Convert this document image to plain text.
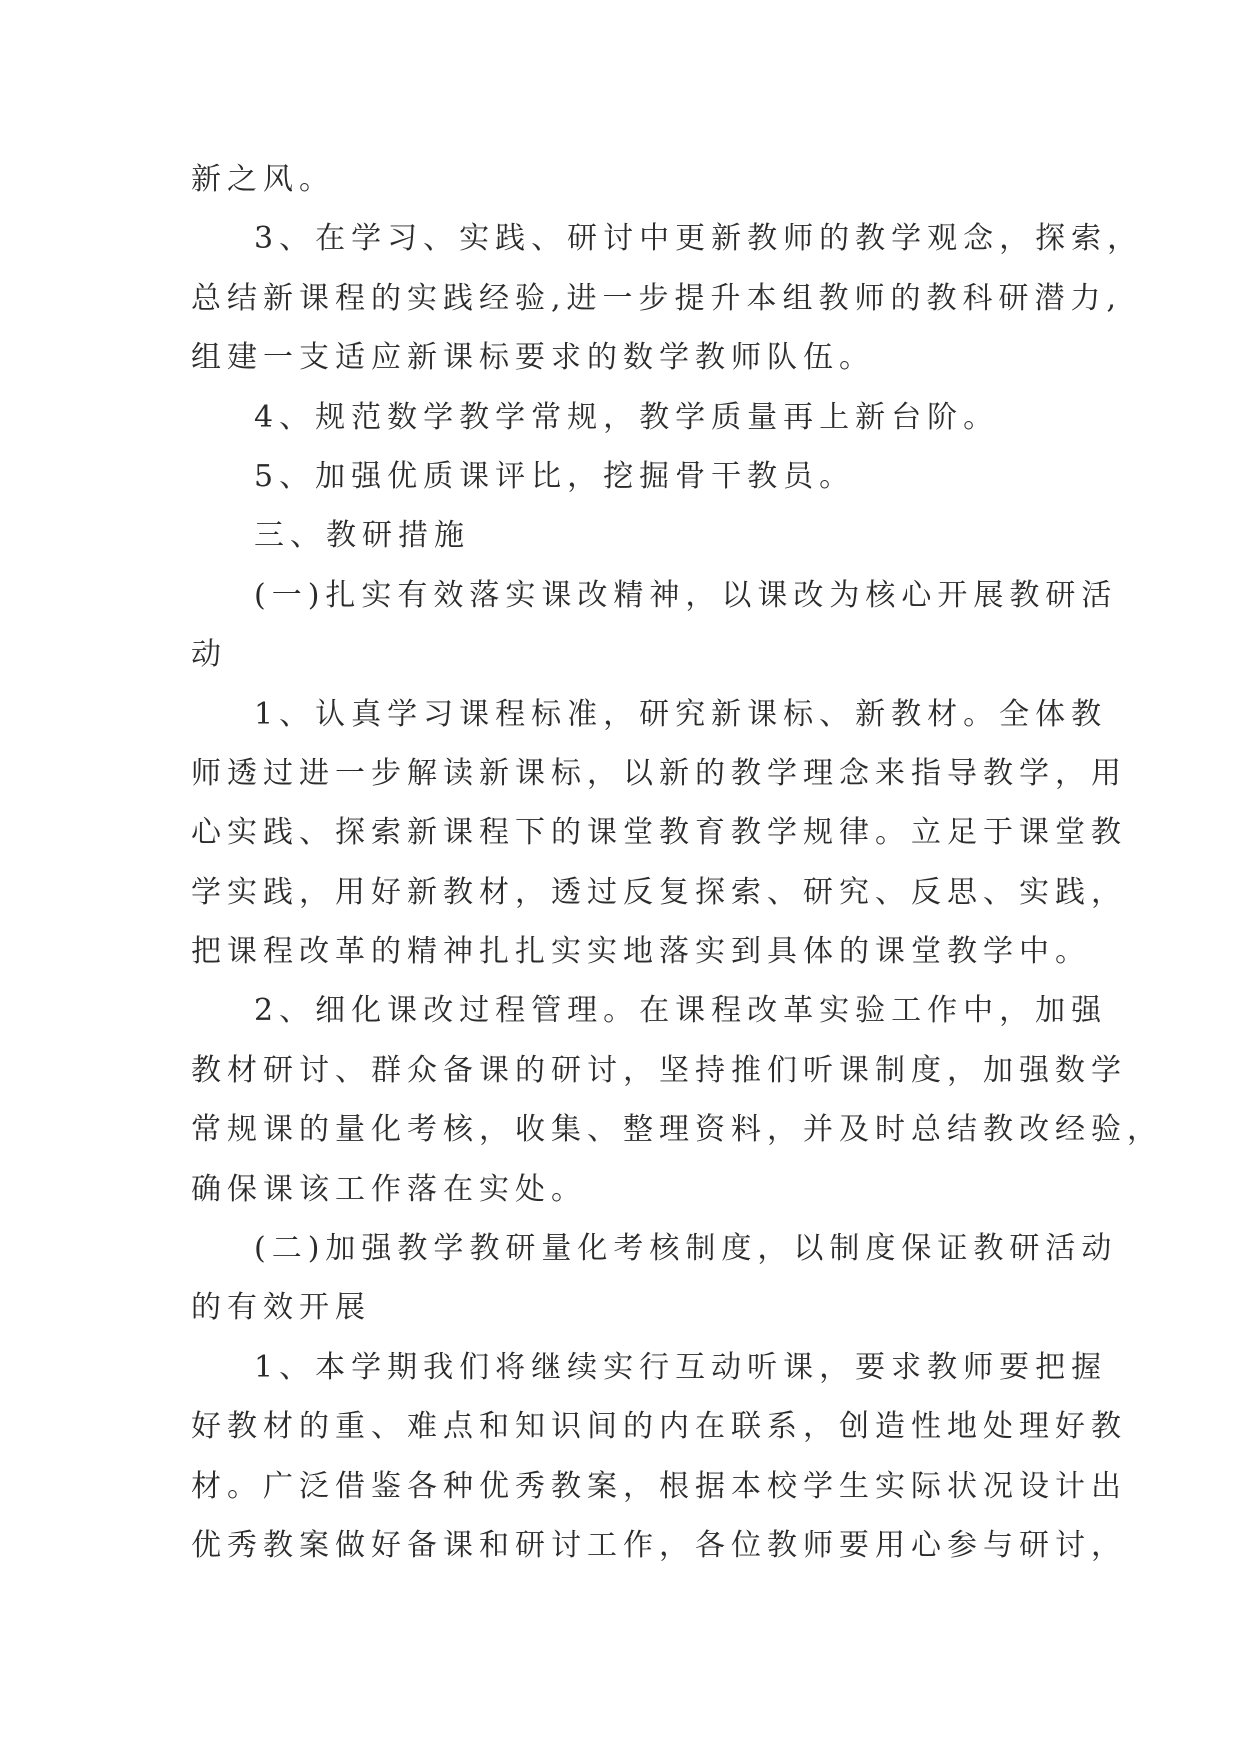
新之风。
3、在学习、实践、研讨中更新教师的教学观念，探索，
总结新课程的实践经验,进一步提升本组教师的教科研潜力,
组建一支适应新课标要求的数学教师队伍。
4、规范数学教学常规，教学质量再上新台阶。
5、加强优质课评比，挖掘骨干教员。
三、教研措施
(一)扎实有效落实课改精神，以课改为核心开展教研活
动
1、认真学习课程标准，研究新课标、新教材。全体教
师透过进一步解读新课标，以新的教学理念来指导教学，用
心实践、探索新课程下的课堂教育教学规律。立足于课堂教
学实践，用好新教材，透过反复探索、研究、反思、实践，
把课程改革的精神扎扎实实地落实到具体的课堂教学中。
2、细化课改过程管理。在课程改革实验工作中，加强
教材研讨、群众备课的研讨，坚持推们听课制度，加强数学
常规课的量化考核，收集、整理资料，并及时总结教改经验，
确保课该工作落在实处。
(二)加强教学教研量化考核制度，以制度保证教研活动
的有效开展
1、本学期我们将继续实行互动听课，要求教师要把握
好教材的重、难点和知识间的内在联系，创造性地处理好教
材。广泛借鉴各种优秀教案，根据本校学生实际状况设计出
优秀教案做好备课和研讨工作，各位教师要用心参与研讨，
